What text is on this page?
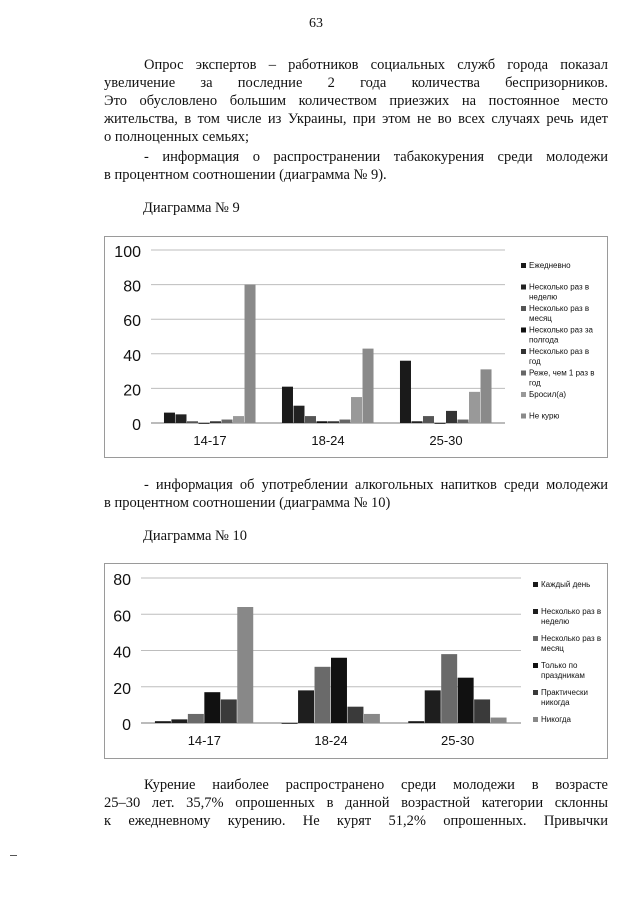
63
Опрос экспертов – работников социальных служб города показал
увеличение за последние 2 года количества беспризорников.
Это обусловлено большим количеством приезжих на постоянное место
жительства, в том числе из Украины, при этом не во всех случаях речь идет
о полноценных семьях;
- информация о распространении табакокурения среди молодежи
в процентном соотношении (диаграмма № 9).
Диаграмма № 9
0
20
40
60
80
100
14-17	18-24	25-30
Ежедневно
Несколько раз в неделю
Несколько раз в месяц
Несколько раз за полгода
Несколько раз в год
Реже, чем 1 раз в год
Бросил(а)
Не курю
- информация об употреблении алкогольных напитков среди молодежи
в процентном соотношении (диаграмма № 10)
Диаграмма № 10
0
20
40
60
80
14-17	18-24	25-30
Каждый день
Несколько раз в неделю
Несколько раз в месяц
Только по праздникам
Практически никогда
Никогда
Курение наиболее распространено среди молодежи в возрасте
25–30 лет. 35,7% опрошенных в данной возрастной категории склонны
к ежедневному курению. Не курят 51,2% опрошенных. Привычки
